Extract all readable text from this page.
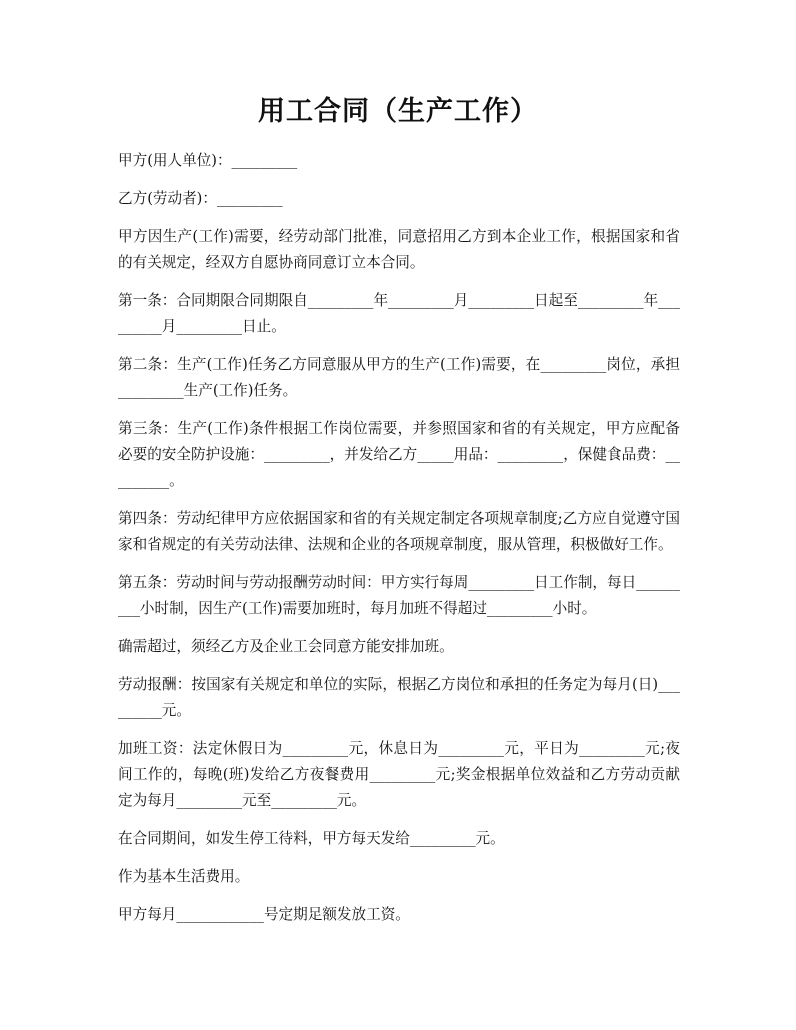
用工合同（生产工作）

甲方(用人单位)：_________

乙方(劳动者)：_________

甲方因生产(工作)需要，经劳动部门批准，同意招用乙方到本企业工作，根据国家和省的有关规定，经双方自愿协商同意订立本合同。

第一条：合同期限合同期限自_________年_________月_________日起至_________年_________月_________日止。

第二条：生产(工作)任务乙方同意服从甲方的生产(工作)需要，在_________岗位，承担_________生产(工作)任务。

第三条：生产(工作)条件根据工作岗位需要，并参照国家和省的有关规定，甲方应配备必要的安全防护设施：_________，并发给乙方_____用品：_________，保健食品费：_________。

第四条：劳动纪律甲方应依据国家和省的有关规定制定各项规章制度;乙方应自觉遵守国家和省规定的有关劳动法律、法规和企业的各项规章制度，服从管理，积极做好工作。

第五条：劳动时间与劳动报酬劳动时间：甲方实行每周_________日工作制，每日_________小时制，因生产(工作)需要加班时，每月加班不得超过_________小时。

确需超过，须经乙方及企业工会同意方能安排加班。

劳动报酬：按国家有关规定和单位的实际，根据乙方岗位和承担的任务定为每月(日)_________元。

加班工资：法定休假日为_________元，休息日为_________元，平日为_________元;夜间工作的，每晚(班)发给乙方夜餐费用_________元;奖金根据单位效益和乙方劳动贡献定为每月_________元至_________元。

在合同期间，如发生停工待料，甲方每天发给_________元。

作为基本生活费用。

甲方每月____________号定期足额发放工资。
